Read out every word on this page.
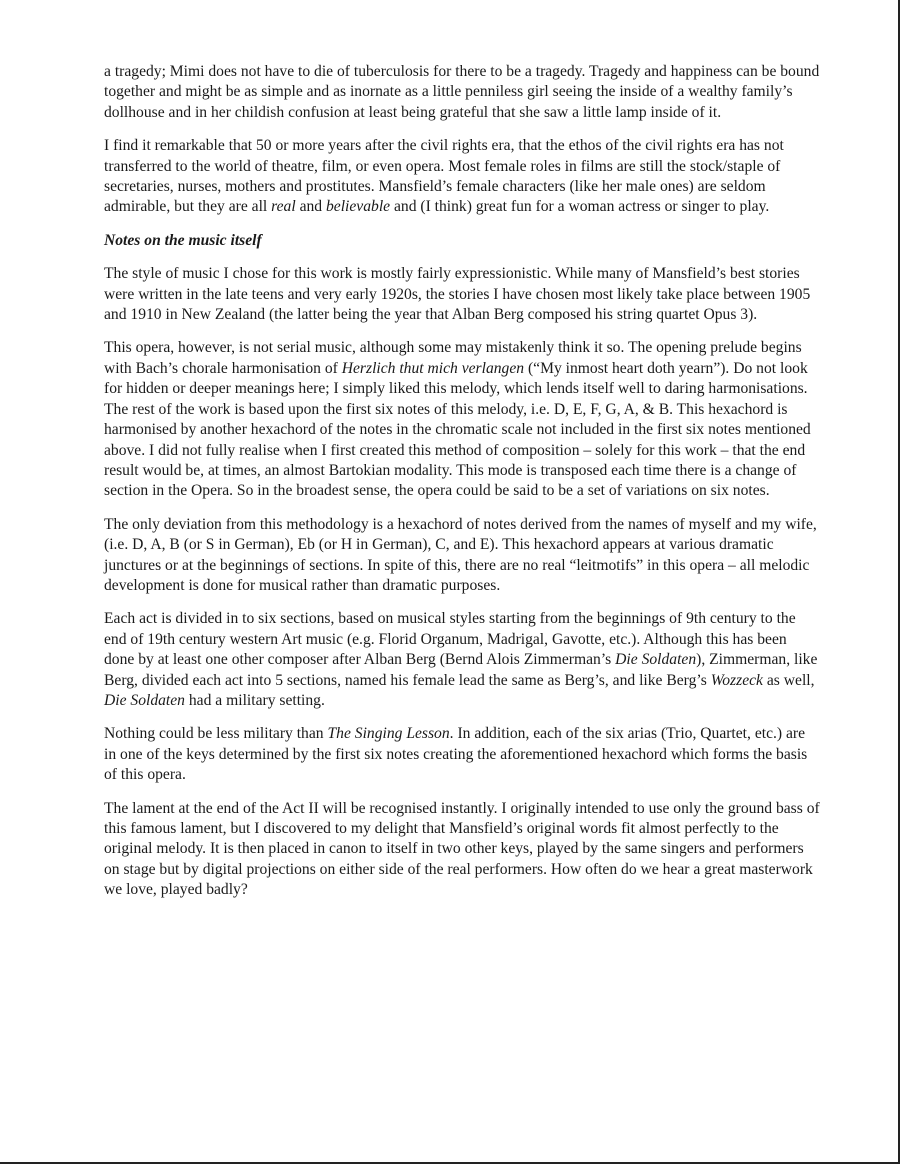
a tragedy; Mimi does not have to die of tuberculosis for there to be a tragedy. Tragedy and happiness can be bound together and might be as simple and as inornate as a little penniless girl seeing the inside of a wealthy family’s dollhouse and in her childish confusion at least being grateful that she saw a little lamp inside of it.

I find it remarkable that 50 or more years after the civil rights era, that the ethos of the civil rights era has not transferred to the world of theatre, film, or even opera. Most female roles in films are still the stock/staple of secretaries, nurses, mothers and prostitutes. Mansfield’s female characters (like her male ones) are seldom admirable, but they are all real and believable and (I think) great fun for a woman actress or singer to play.

Notes on the music itself

The style of music I chose for this work is mostly fairly expressionistic. While many of Mansfield’s best stories were written in the late teens and very early 1920s, the stories I have chosen most likely take place between 1905 and 1910 in New Zealand (the latter being the year that Alban Berg composed his string quartet Opus 3).

This opera, however, is not serial music, although some may mistakenly think it so. The opening prelude begins with Bach’s chorale harmonisation of Herzlich thut mich verlangen (“My inmost heart doth yearn”). Do not look for hidden or deeper meanings here; I simply liked this melody, which lends itself well to daring harmonisations. The rest of the work is based upon the first six notes of this melody, i.e. D, E, F, G, A, & B. This hexachord is harmonised by another hexachord of the notes in the chromatic scale not included in the first six notes mentioned above. I did not fully realise when I first created this method of composition – solely for this work – that the end result would be, at times, an almost Bartokian modality. This mode is transposed each time there is a change of section in the Opera. So in the broadest sense, the opera could be said to be a set of variations on six notes.

The only deviation from this methodology is a hexachord of notes derived from the names of myself and my wife, (i.e. D, A, B (or S in German), Eb (or H in German), C, and E). This hexachord appears at various dramatic junctures or at the beginnings of sections. In spite of this, there are no real “leitmotifs” in this opera – all melodic development is done for musical rather than dramatic purposes.

Each act is divided in to six sections, based on musical styles starting from the beginnings of 9th century to the end of 19th century western Art music (e.g. Florid Organum, Madrigal, Gavotte, etc.). Although this has been done by at least one other composer after Alban Berg (Bernd Alois Zimmerman’s Die Soldaten), Zimmerman, like Berg, divided each act into 5 sections, named his female lead the same as Berg’s, and like Berg’s Wozzeck as well, Die Soldaten had a military setting.

Nothing could be less military than The Singing Lesson. In addition, each of the six arias (Trio, Quartet, etc.) are in one of the keys determined by the first six notes creating the aforementioned hexachord which forms the basis of this opera.

The lament at the end of the Act II will be recognised instantly. I originally intended to use only the ground bass of this famous lament, but I discovered to my delight that Mansfield’s original words fit almost perfectly to the original melody. It is then placed in canon to itself in two other keys, played by the same singers and performers on stage but by digital projections on either side of the real performers. How often do we hear a great masterwork we love, played badly?
